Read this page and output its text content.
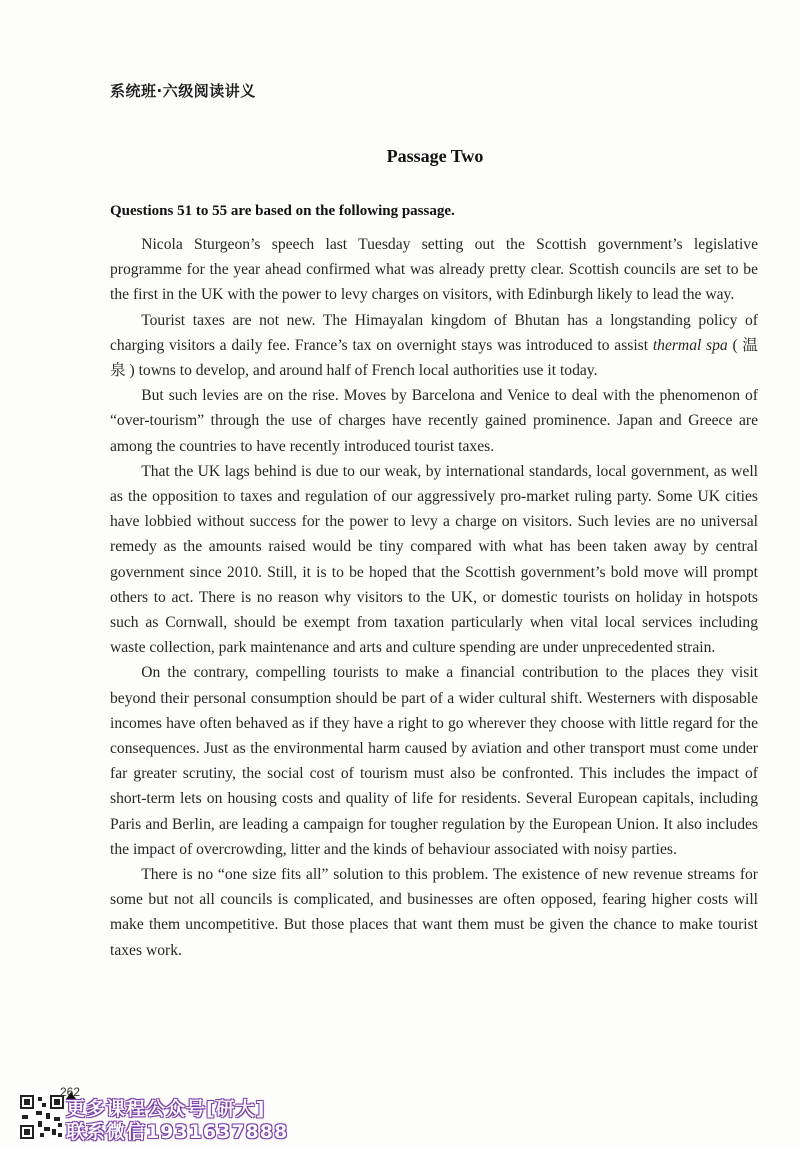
系统班·六级阅读讲义
Passage Two
Questions 51 to 55 are based on the following passage.

Nicola Sturgeon’s speech last Tuesday setting out the Scottish government’s legislative programme for the year ahead confirmed what was already pretty clear. Scottish councils are set to be the first in the UK with the power to levy charges on visitors, with Edinburgh likely to lead the way.

Tourist taxes are not new. The Himayalan kingdom of Bhutan has a longstanding policy of charging visitors a daily fee. France’s tax on overnight stays was introduced to assist thermal spa ( 温泉 ) towns to develop, and around half of French local authorities use it today.

But such levies are on the rise. Moves by Barcelona and Venice to deal with the phenomenon of “over-tourism” through the use of charges have recently gained prominence. Japan and Greece are among the countries to have recently introduced tourist taxes.

That the UK lags behind is due to our weak, by international standards, local government, as well as the opposition to taxes and regulation of our aggressively pro-market ruling party. Some UK cities have lobbied without success for the power to levy a charge on visitors. Such levies are no universal remedy as the amounts raised would be tiny compared with what has been taken away by central government since 2010. Still, it is to be hoped that the Scottish government’s bold move will prompt others to act. There is no reason why visitors to the UK, or domestic tourists on holiday in hotspots such as Cornwall, should be exempt from taxation particularly when vital local services including waste collection, park maintenance and arts and culture spending are under unprecedented strain.

On the contrary, compelling tourists to make a financial contribution to the places they visit beyond their personal consumption should be part of a wider cultural shift. Westerners with disposable incomes have often behaved as if they have a right to go wherever they choose with little regard for the consequences. Just as the environmental harm caused by aviation and other transport must come under far greater scrutiny, the social cost of tourism must also be confronted. This includes the impact of short-term lets on housing costs and quality of life for residents. Several European capitals, including Paris and Berlin, are leading a campaign for tougher regulation by the European Union. It also includes the impact of overcrowding, litter and the kinds of behaviour associated with noisy parties.

There is no “one size fits all” solution to this problem. The existence of new revenue streams for some but not all councils is complicated, and businesses are often opposed, fearing higher costs will make them uncompetitive. But those places that want them must be given the chance to make tourist taxes work.

262
更多课程公众号[研大]
联系微信1931637888
